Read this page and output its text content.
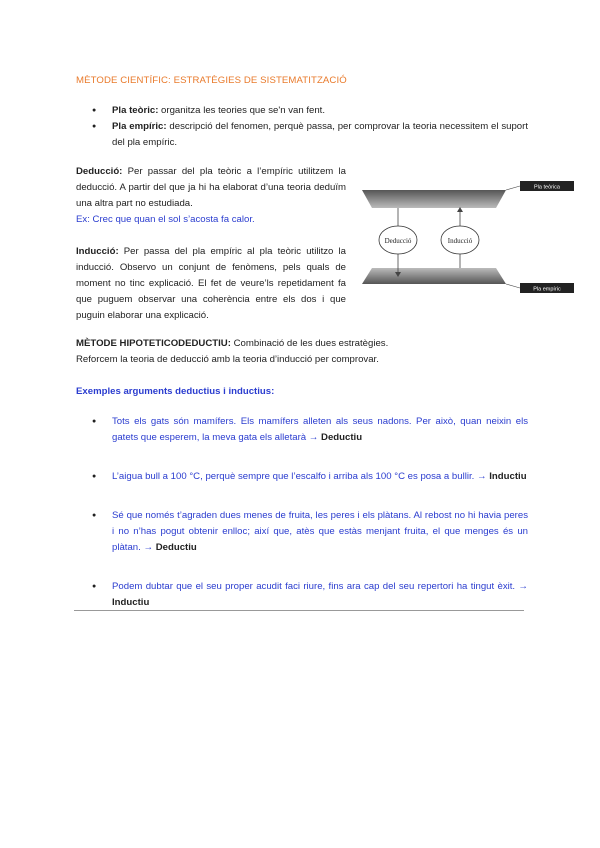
MÈTODE CIENTÍFIC: ESTRATÈGIES DE SISTEMATITZACIÓ
● Pla teòric: organitza les teories que se'n van fent.
● Pla empíric: descripció del fenomen, perquè passa, per comprovar la teoria necessitem el suport del pla empíric.
Deducció: Per passar del pla teòric a l’empíric utilitzem la deducció. A partir del que ja hi ha elaborat d’una teoria deduïm una altra part no estudiada.
Ex: Crec que quan el sol s’acosta fa calor.
Inducció: Per passa del pla empíric al pla teòric utilitzo la inducció. Observo un conjunt de fenòmens, pels quals de moment no tinc explicació. El fet de veure’ls repetidament fa que puguem observar una coherència entre els dos i que puguin elaborar una explicació.
Deducció	Inducció
Pla teòrica
Pla empíric
MÈTODE HIPOTETICODEDUCTIU: Combinació de les dues estratègies.
Reforcem la teoria de deducció amb la teoria d’inducció per comprovar.
Exemples arguments deductius i inductius:
● Tots els gats són mamífers. Els mamífers alleten als seus nadons. Per això, quan neixin els gatets que esperem, la meva gata els alletarà → Deductiu
● L’aigua bull a 100 °C, perquè sempre que l’escalfo i arriba als 100 °C es posa a bullir. → Inductiu
● Sé que només t’agraden dues menes de fruita, les peres i els plàtans. Al rebost no hi havia peres i no n’has pogut obtenir enlloc; així que, atès que estàs menjant fruita, el que menges és un plàtan. → Deductiu
● Podem dubtar que el seu proper acudit faci riure, fins ara cap del seu repertori ha tingut èxit. → Inductiu
